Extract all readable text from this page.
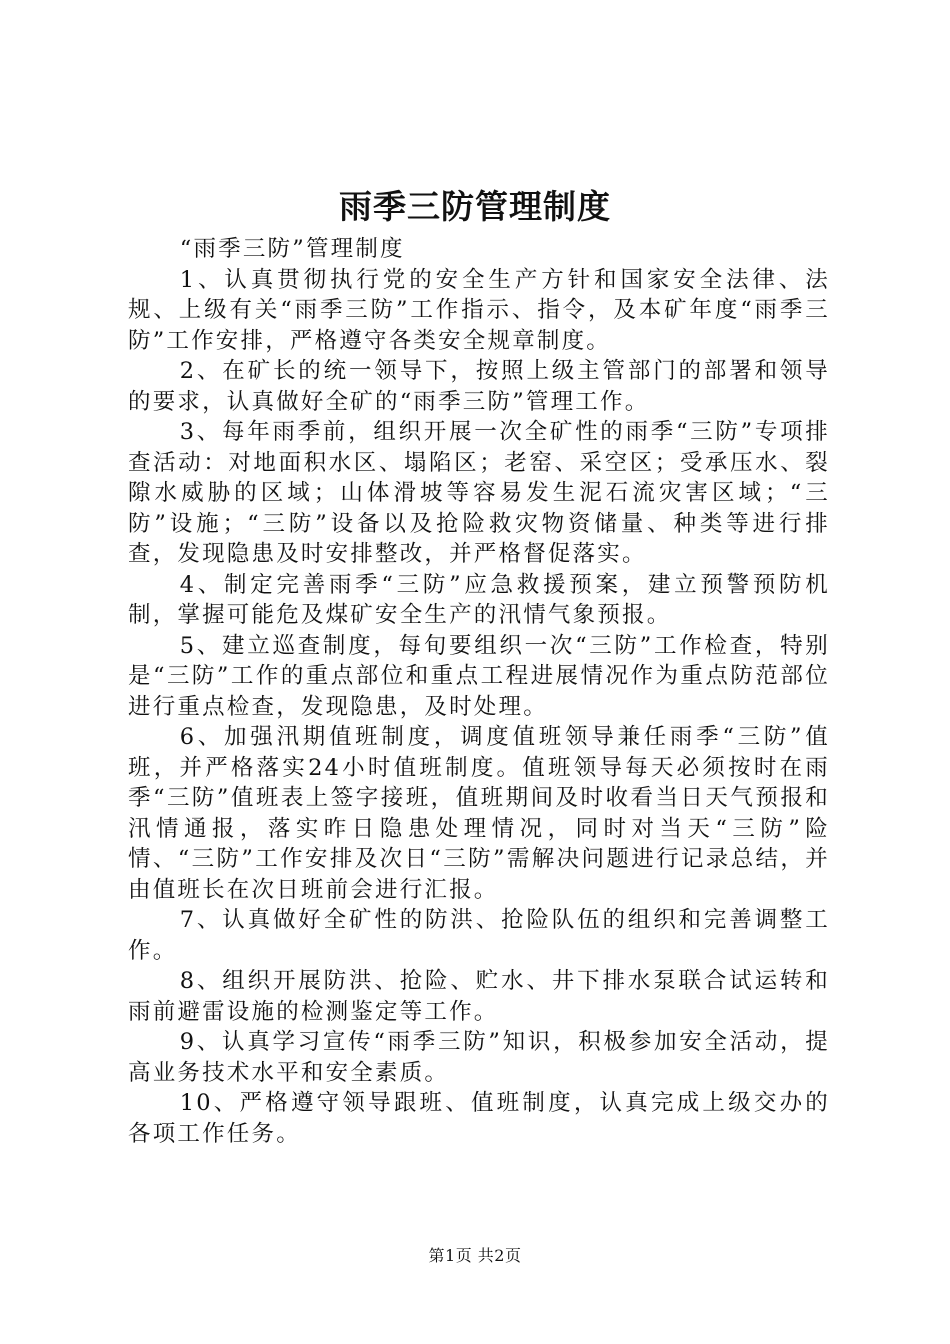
雨季三防管理制度

“雨季三防”管理制度

1、认真贯彻执行党的安全生产方针和国家安全法律、法规、上级有关“雨季三防”工作指示、指令，及本矿年度“雨季三防”工作安排，严格遵守各类安全规章制度。

2、在矿长的统一领导下，按照上级主管部门的部署和领导的要求，认真做好全矿的“雨季三防”管理工作。

3、每年雨季前，组织开展一次全矿性的雨季“三防”专项排查活动：对地面积水区、塌陷区；老窑、采空区；受承压水、裂隙水威胁的区域；山体滑坡等容易发生泥石流灾害区域；“三防”设施；“三防”设备以及抢险救灾物资储量、种类等进行排查，发现隐患及时安排整改，并严格督促落实。

4、制定完善雨季“三防”应急救援预案，建立预警预防机制，掌握可能危及煤矿安全生产的汛情气象预报。

5、建立巡查制度，每旬要组织一次“三防”工作检查，特别是“三防”工作的重点部位和重点工程进展情况作为重点防范部位进行重点检查，发现隐患，及时处理。

6、加强汛期值班制度，调度值班领导兼任雨季“三防”值班，并严格落实24小时值班制度。值班领导每天必须按时在雨季“三防”值班表上签字接班，值班期间及时收看当日天气预报和汛情通报，落实昨日隐患处理情况，同时对当天“三防”险情、“三防”工作安排及次日“三防”需解决问题进行记录总结，并由值班长在次日班前会进行汇报。

7、认真做好全矿性的防洪、抢险队伍的组织和完善调整工作。

8、组织开展防洪、抢险、贮水、井下排水泵联合试运转和雨前避雷设施的检测鉴定等工作。

9、认真学习宣传“雨季三防”知识，积极参加安全活动，提高业务技术水平和安全素质。

10、严格遵守领导跟班、值班制度，认真完成上级交办的各项工作任务。

第1页 共2页
